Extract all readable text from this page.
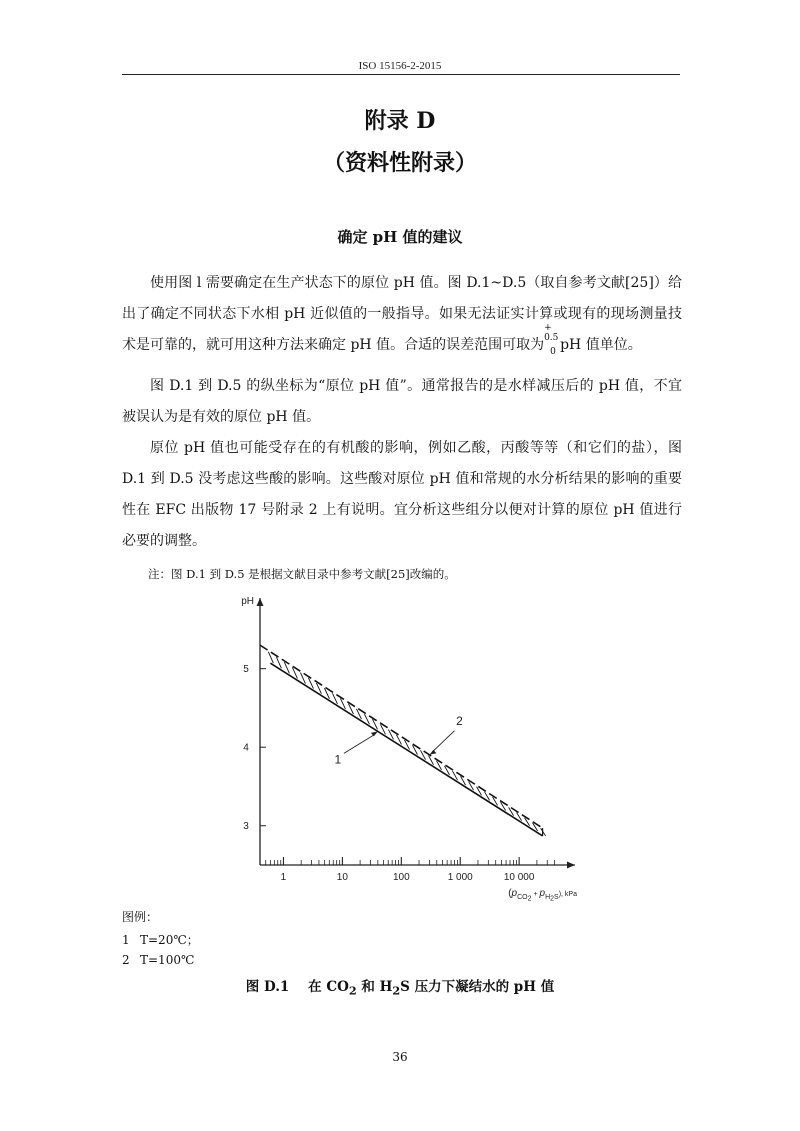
ISO 15156-2-2015
附录 D
（资料性附录）
确定 pH 值的建议

使用图 l 需要确定在生产状态下的原位 pH 值。图 D.1~D.5（取自参考文献[25]）给出了确定不同状态下水相 pH 近似值的一般指导。如果无法证实计算或现有的现场测量技术是可靠的，就可用这种方法来确定 pH 值。合适的误差范围可取为
+ 0.5
0 pH 值单位。

图 D.1 到 D.5 的纵坐标为“原位 pH 值”。通常报告的是水样减压后的 pH 值，不宜被误认为是有效的原位 pH 值。

原位 pH 值也可能受存在的有机酸的影响，例如乙酸，丙酸等等（和它们的盐），图 D.1 到 D.5 没考虑这些酸的影响。这些酸对原位 pH 值和常规的水分析结果的影响的重要性在 EFC 出版物 17 号附录 2 上有说明。宜分析这些组分以便对计算的原位 pH 值进行必要的调整。

注：图 D.1 到 D.5 是根据文献目录中参考文献[25]改编的。
pH
3
4
5
1	10	100	1 000	10 000
($p_{CO}2$ + $p_H2S^{), kPa}$
1
2
图例：
1 T=20℃；
2 T=100℃
图 D.1 在 $CO_2$ 和 $H_2S$ 压力下凝结水的 pH 值
36
